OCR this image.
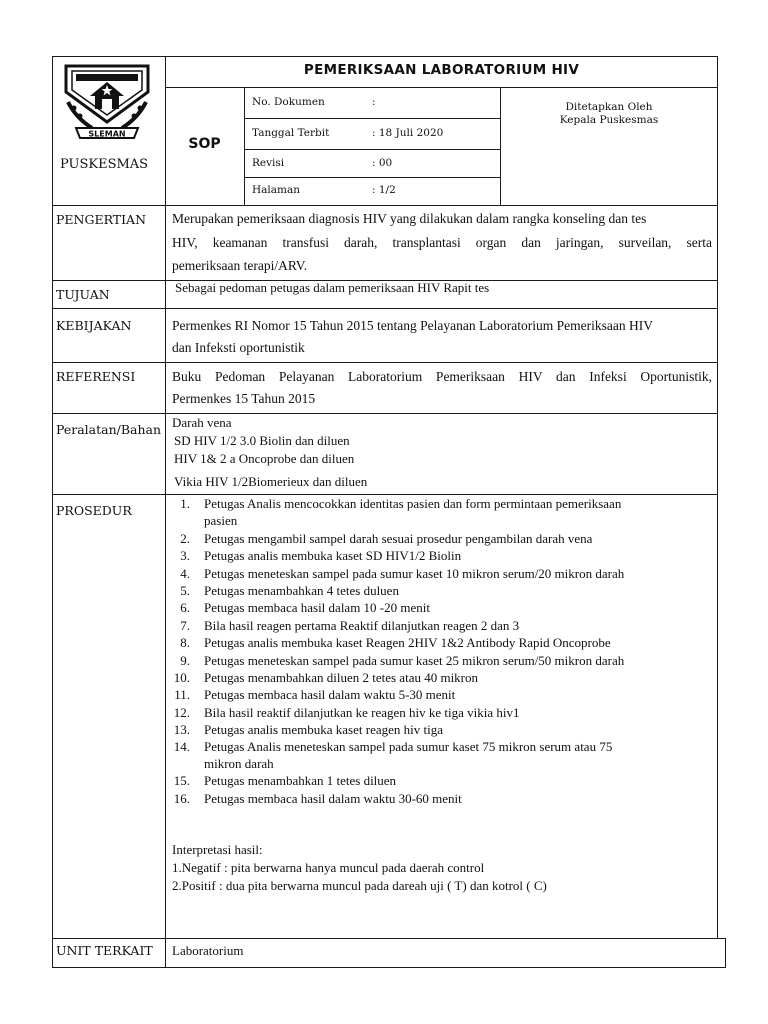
SLEMAN
PUSKESMAS
PEMERIKSAAN LABORATORIUM HIV
SOP
No. Dokumen	:
Tanggal Terbit	: 18 Juli 2020
Revisi	: 00
Halaman	: 1/2
Ditetapkan Oleh
Kepala Puskesmas
PENGERTIAN Merupakan pemeriksaan diagnosis HIV yang dilakukan dalam rangka konseling dan tes
HIV, keamanan transfusi darah, transplantasi organ dan jaringan, surveilan, serta
pemeriksaan terapi/ARV.
TUJUAN	Sebagai pedoman petugas dalam pemeriksaan HIV Rapit tes
KEBIJAKAN	Permenkes RI Nomor 15 Tahun 2015 tentang Pelayanan Laboratorium Pemeriksaan HIV
dan Infeksti oportunistik
REFERENSI	Buku Pedoman Pelayanan Laboratorium Pemeriksaan HIV dan Infeksi Oportunistik,
Permenkes 15 Tahun 2015
Peralatan/Bahan Darah vena
SD HIV 1/2 3.0 Biolin dan diluen
HIV 1& 2 a Oncoprobe dan diluen
Vikia HIV 1/2Biomerieux dan diluen
PROSEDUR	1. Petugas Analis mencocokkan identitas pasien dan form permintaan pemeriksaan
pasien
2. Petugas mengambil sampel darah sesuai prosedur pengambilan darah vena
3. Petugas analis membuka kaset SD HIV1/2 Biolin
4. Petugas meneteskan sampel pada sumur kaset 10 mikron serum/20 mikron darah
5. Petugas menambahkan 4 tetes duluen
6. Petugas membaca hasil dalam 10 -20 menit
7. Bila hasil reagen pertama Reaktif dilanjutkan reagen 2 dan 3
8. Petugas analis membuka kaset Reagen 2HIV 1&2 Antibody Rapid Oncoprobe
9. Petugas meneteskan sampel pada sumur kaset 25 mikron serum/50 mikron darah
10. Petugas menambahkan diluen 2 tetes atau 40 mikron
11. Petugas membaca hasil dalam waktu 5-30 menit
12. Bila hasil reaktif dilanjutkan ke reagen hiv ke tiga vikia hiv1
13. Petugas analis membuka kaset reagen hiv tiga
14. Petugas Analis meneteskan sampel pada sumur kaset 75 mikron serum atau 75
mikron darah
15. Petugas menambahkan 1 tetes diluen
16. Petugas membaca hasil dalam waktu 30-60 menit
Interpretasi hasil:
1.Negatif : pita berwarna hanya muncul pada daerah control
2.Positif : dua pita berwarna muncul pada dareah uji ( T) dan kotrol ( C)
UNIT TERKAIT Laboratorium
